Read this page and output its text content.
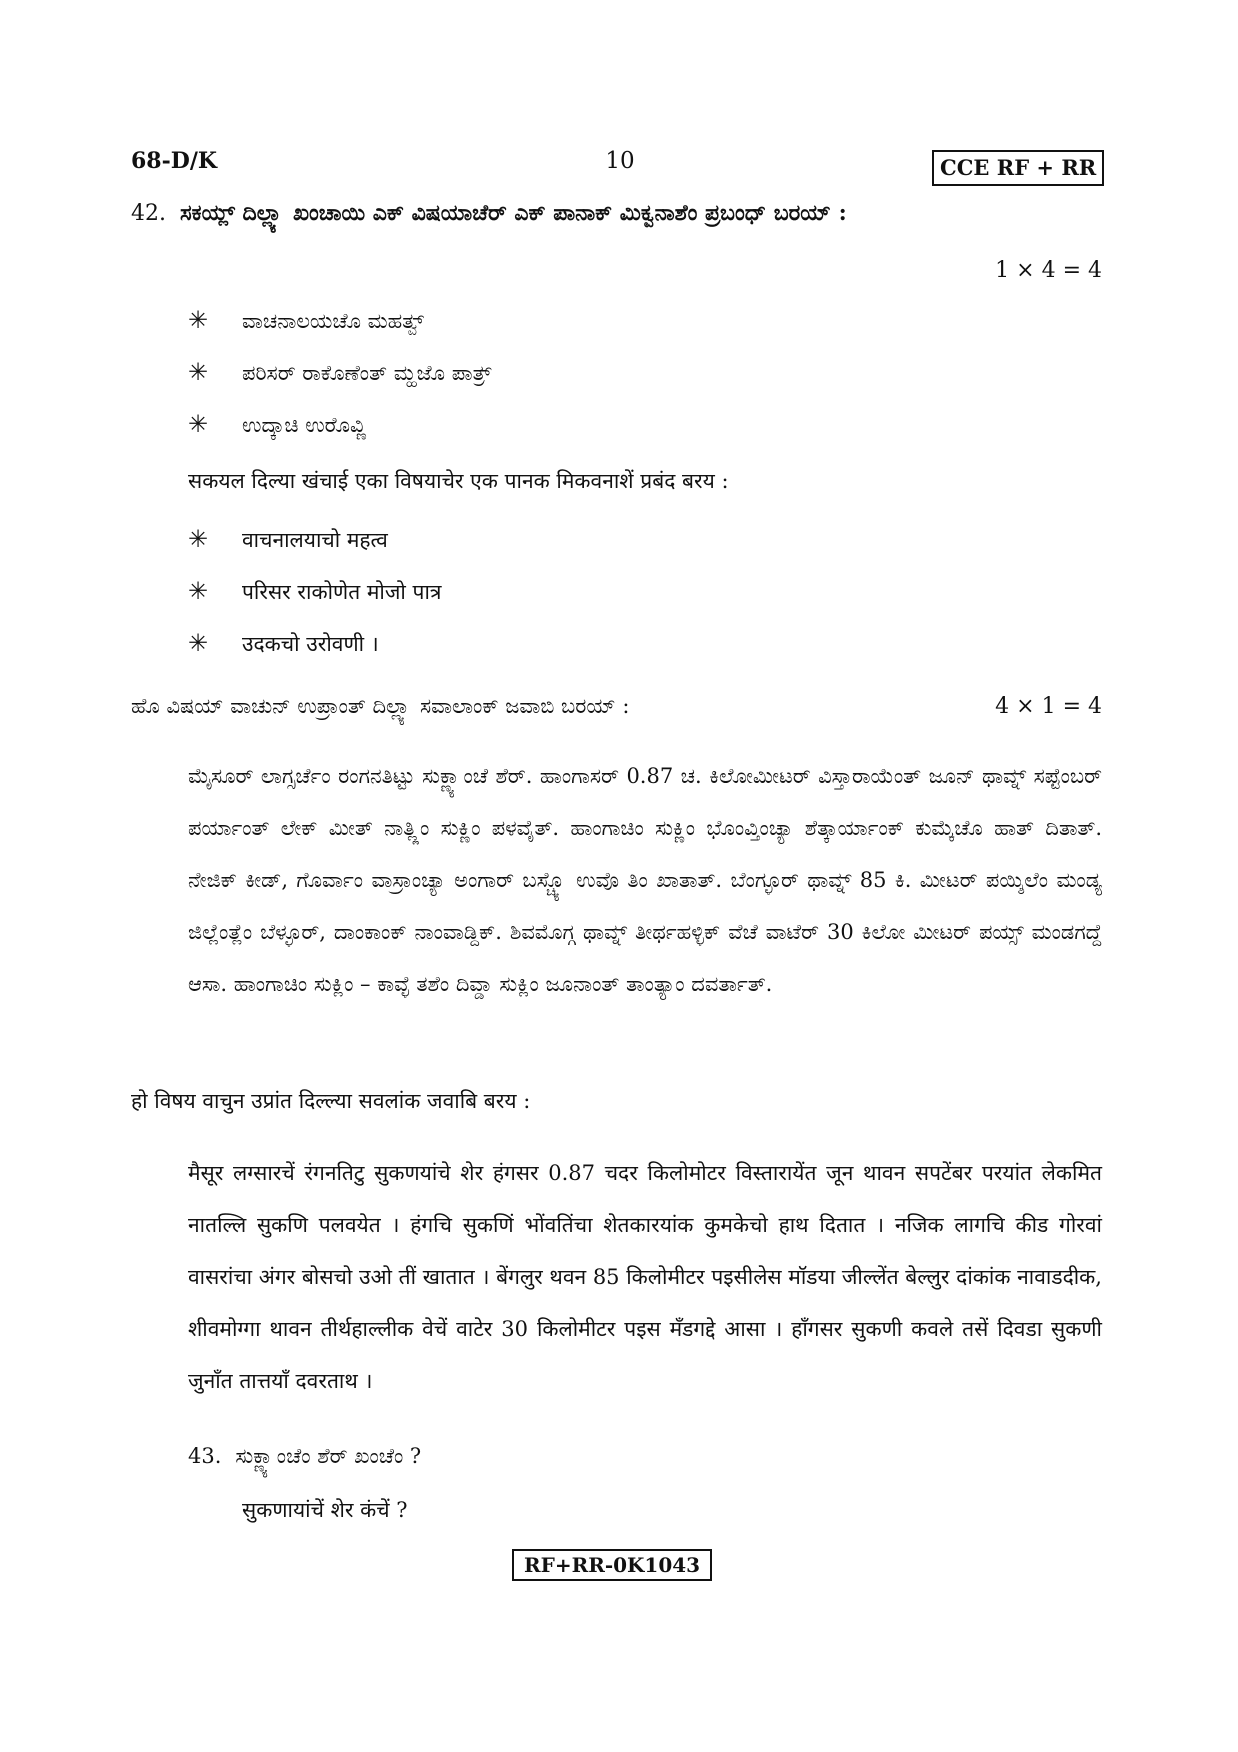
68-D/K	10	CCE RF + RR
42. ಸಕಯ್ಲ್ ದಿಲ್ಲ್ಯಾ ಖಂಚಾಯಿ ಎಕ್ ವಿಷಯಾಚೆರ್ ಎಕ್ ಪಾನಾಕ್ ಮಿಕ್ವನಾಶೆಂ ಪ್ರಬಂಧ್ ಬರಯ್ :
1 × 4 = 4
✳ ವಾಚನಾಲಯಚೊ ಮಹತ್ವ್
✳ ಪರಿಸರ್ ರಾಕೊಣೆಂತ್ ಮ್ಹಜೊ ಪಾತ್ರ್
✳ ಉದ್ಕಾಚಿ ಉರೊವ್ಣಿ
सकयल दिल्या खंचाई एका विषयाचेर एक पानक मिकवनाशें प्रबंद बरय :
✳ वाचनालयाचो महत्व
✳ परिसर राकोणेत मोजो पात्र
✳ उदकचो उरोवणी ।
ಹೊ ವಿಷಯ್ ವಾಚುನ್ ಉಪ್ರಾಂತ್ ದಿಲ್ಲ್ಯಾ ಸವಾಲಾಂಕ್ ಜವಾಬಿ ಬರಯ್ :	4 × 1 = 4
ಮೈಸೂರ್ ಲಾಗ್ಸರ್ಚೆಂ ರಂಗನತಿಟ್ಟು ಸುಕ್ಣ್ಯಾಂಚೆ ಶೆರ್. ಹಾಂಗಾಸರ್ 0.87 ಚ. ಕಿಲೋಮೀಟರ್ ವಿಸ್ತಾರಾಯೆಂತ್ ಜೂನ್ ಥಾವ್ನ್ ಸಪ್ಟೆಂಬರ್ ಪರ್ಯಾಂತ್ ಲೇಕ್ ಮೀತ್ ನಾತ್ಲ್ಲಿಂ ಸುಕ್ಣಿಂ ಪಳವೈತ್. ಹಾಂಗಾಚಿಂ ಸುಕ್ಣಿಂ ಭೊಂವ್ತಿಂಚ್ಯಾ ಶೆತ್ಕಾರ್ಯಾಂಕ್ ಕುಮ್ಕೆಚೊ ಹಾತ್ ದಿತಾತ್. ನೇಜಿಕ್ ಕೀಡ್, ಗೊರ್ವಾಂ ವಾಸ್ರಾಂಚ್ಯಾ ಅಂಗಾರ್ ಬಸ್ಚ್ಯೊ ಉವೊ ತಿಂ ಖಾತಾತ್. ಬೆಂಗ್ಳೂರ್ ಥಾವ್ನ್ 85 ಕಿ. ಮೀಟರ್ ಪಯ್ಶಿಲೆಂ ಮಂಡ್ಯ ಜಿಲ್ಲೆಂತ್ಲೆಂ ಬೆಳ್ಳೂರ್, ದಾಂಕಾಂಕ್ ನಾಂವಾಡ್ದಿಕ್. ಶಿವಮೊಗ್ಗ ಥಾವ್ನ್ ತೀರ್ಥಹಳ್ಳಿಕ್ ವೆಚೆ ವಾಟೆರ್ 30 ಕಿಲೋ ಮೀಟರ್ ಪಯ್ಸ್ ಮಂಡಗದ್ದೆ ಆಸಾ. ಹಾಂಗಾಚಿಂ ಸುಕ್ಲಿಂ – ಕಾವ್ಳೆ ತಶೆಂ ದಿವ್ಡಾ ಸುಕ್ಲಿಂ ಜೂನಾಂತ್ ತಾಂತ್ಯಾಂ ದವರ್ತಾತ್.
हो विषय वाचुन उप्रांत दिल्ल्या सवलांक जवाबि बरय :
मैसूर लग्सारचें रंगनतिटु सुकणयांचे शेर हंगसर 0.87 चदर किलोमोटर विस्तारायेंत जून थावन सपटेंबर परयांत लेकमित नातल्लि सुकणि पलवयेत । हंगचि सुकणिं भोंवतिंचा शेतकारयांक कुमकेचो हाथ दितात । नजिक लागचि कीड गोरवां वासरांचा अंगर बोसचो उओ तीं खातात । बेंगलुर थवन 85 किलोमीटर पइसीलेस मॉडया जील्लेंत बेल्लुर दांकांक नावाडदीक, शीवमोग्गा थावन तीर्थहाल्लीक वेचें वाटेर 30 किलोमीटर पइस मँडगद्दे आसा । हाँगसर सुकणी कवले तसें दिवडा सुकणी जुनाँत तात्तयाँ दवरताथ ।
43. ಸುಕ್ಣ್ಯಾಂಚೆಂ ಶೆರ್ ಖಂಚೆಂ ?
सुकणायांचें शेर कंचें ?
RF+RR-0K1043
